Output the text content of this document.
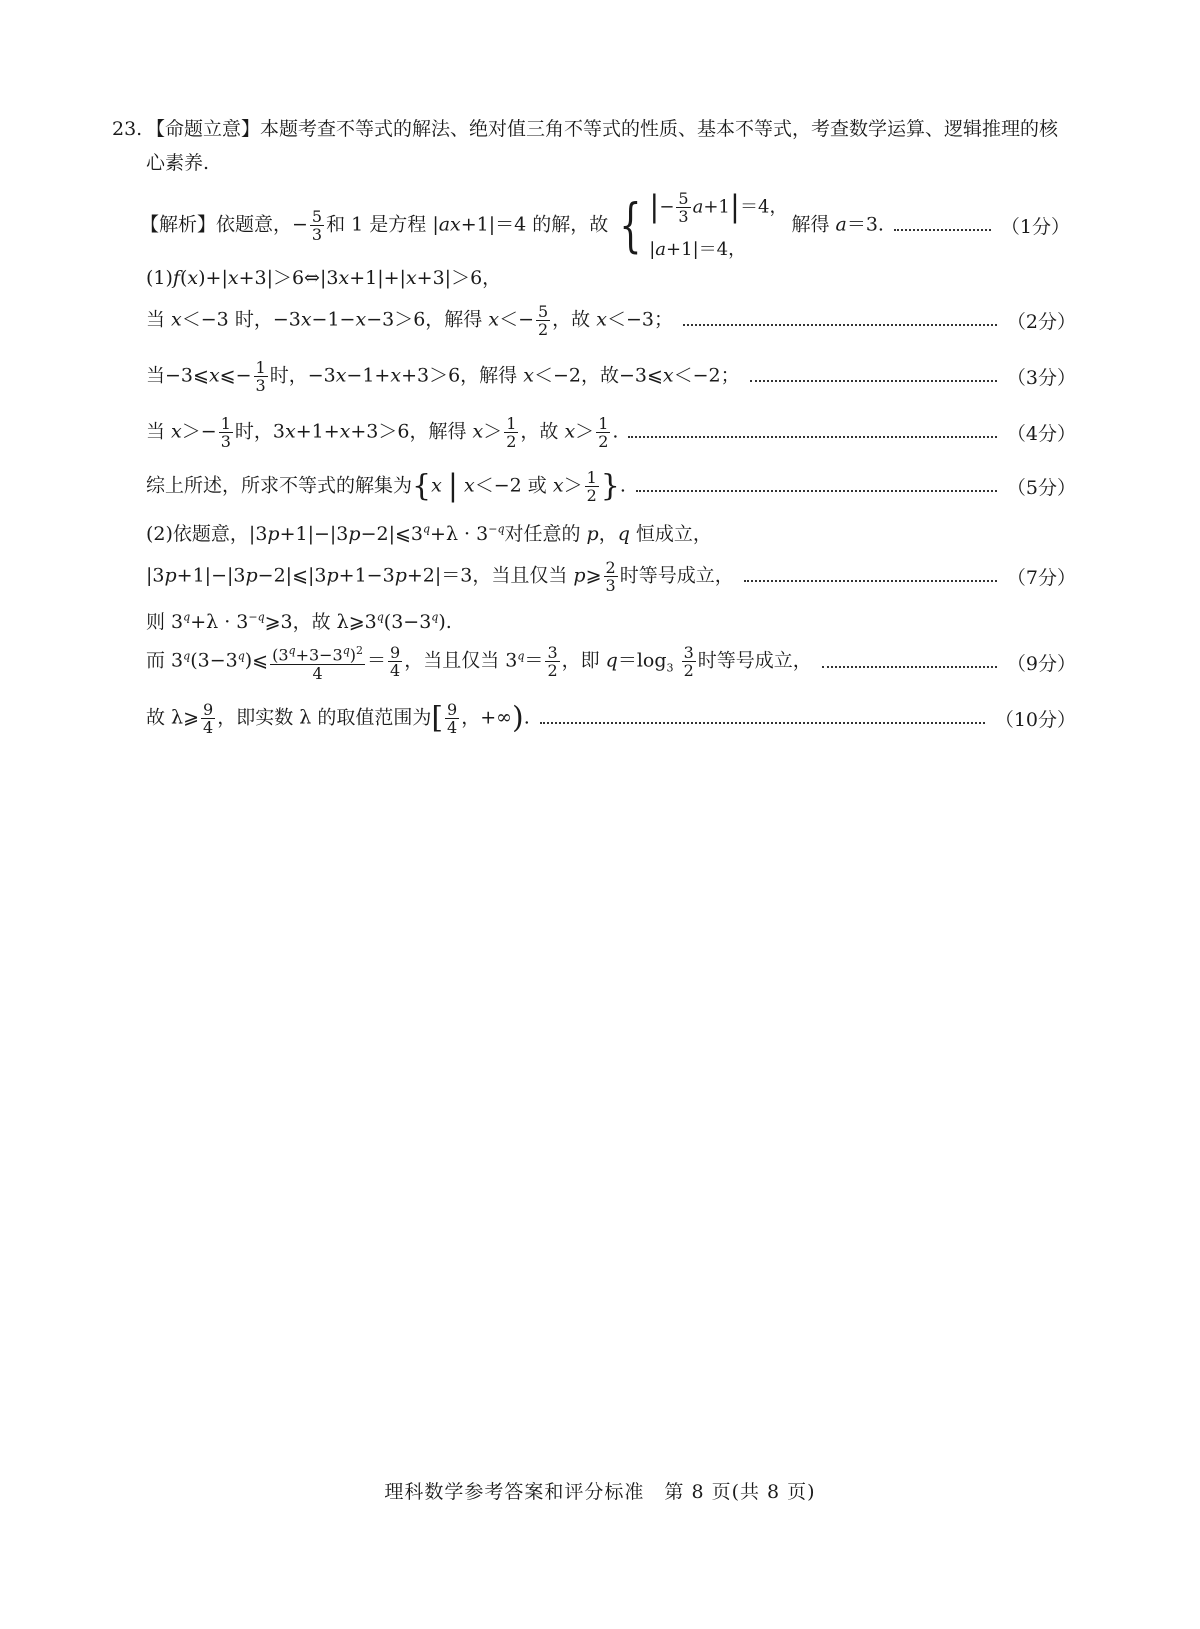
23. 【命题立意】本题考查不等式的解法、绝对值三角不等式的性质、基本不等式，考查数学运算、逻辑推理的核心素养.
【解析】依题意，− $\frac{5}{3}$ 和 1 是方程 |ax+1|＝4 的解，故 { |− $\frac{5}{3} a+1|=4$，
|a+1|＝4，
解得 a＝3.	（1分）
(1)f(x)+|x+3|＞6⇔|3x+1|+|x+3|＞6，
当 x＜−3 时，−3x−1−x−3＞6，解得 $x<- \frac{5}{2}$ ，故 x＜−3；	（2分）
当−3⩽x⩽− $\frac{1}{3}$ 时，−3x−1+x+3＞6，解得 x＜−2，故−3⩽x＜−2；	（3分）
当 $x>- \frac{1}{3}$ 时，3x+1+x+3＞6，解得 $x> \frac{1}{2}$ ，故 $x> \frac{1}{2}$ .	（4分）
综上所述，所求不等式的解集为{x | x＜−2 或 $x> \frac{1}{2}$ }.	（5分）
(2)依题意，$|3p+1|-|3p-2|⩽3^q+\lambda \cdot 3^{-q}$对任意的 p，q 恒成立，
|3p+1|−|3p−2|⩽|3p+1−3p+2|＝3，当且仅当 p⩾ $\frac{2}{3}$ 时等号成立，	（7分）
则 $3^q+\lambda$ · $3^{-q}⩾3$，故 $\lambda⩾3^q(3-3^q)$.
而 $3^q(3-3^q)⩽ \frac{(3^q+3-3^q)^2}{4} = \frac{9}{4}$ ，当且仅当 $3^q= \frac{3}{2}$ ，即 $q=\log_3 \frac{3}{2}$ 时等号成立，	（9分）
故 λ⩾ $\frac{9}{4}$ ，即实数 λ 的取值范围为[ $\frac{9}{4}$ ，+∞).	（10分）
理科数学参考答案和评分标准　第 8 页(共 8 页)
